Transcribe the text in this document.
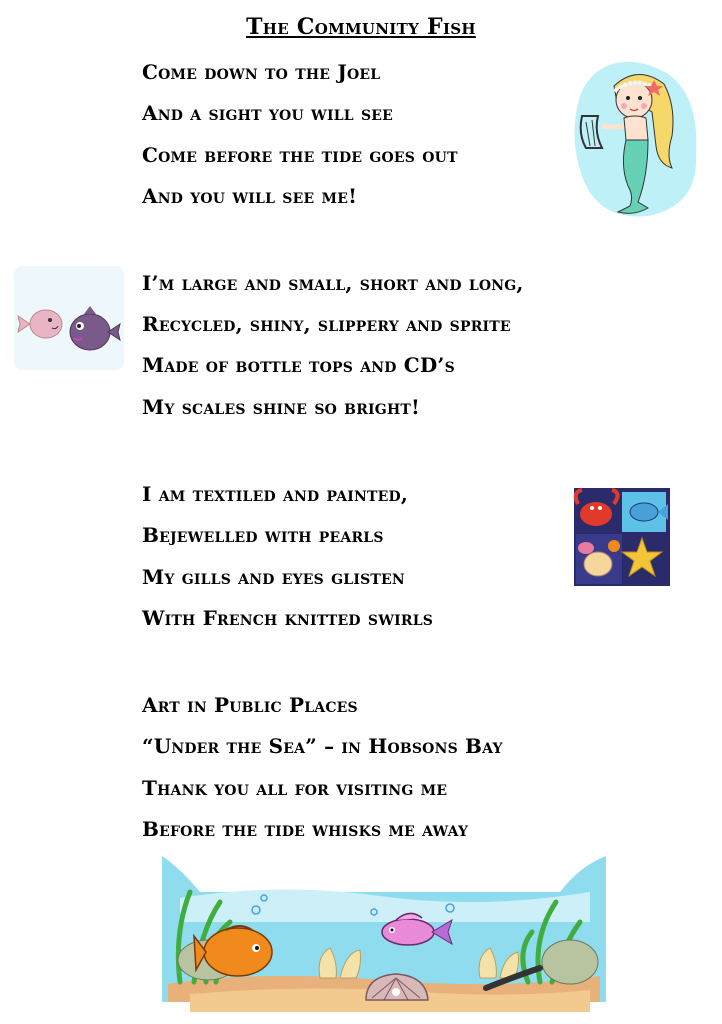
The Community Fish
Come down to the Joel
And a sight you will see
Come before the tide goes out
And you will see me!
I’m large and small, short and long,
Recycled, shiny, slippery and sprite
Made of bottle tops and CD’s
My scales shine so bright!
I am textiled and painted,
Bejewelled with pearls
My gills and eyes glisten
With French knitted swirls
Art in Public Places
“Under the Sea” – in Hobsons Bay
Thank you all for visiting me
Before the tide whisks me away
